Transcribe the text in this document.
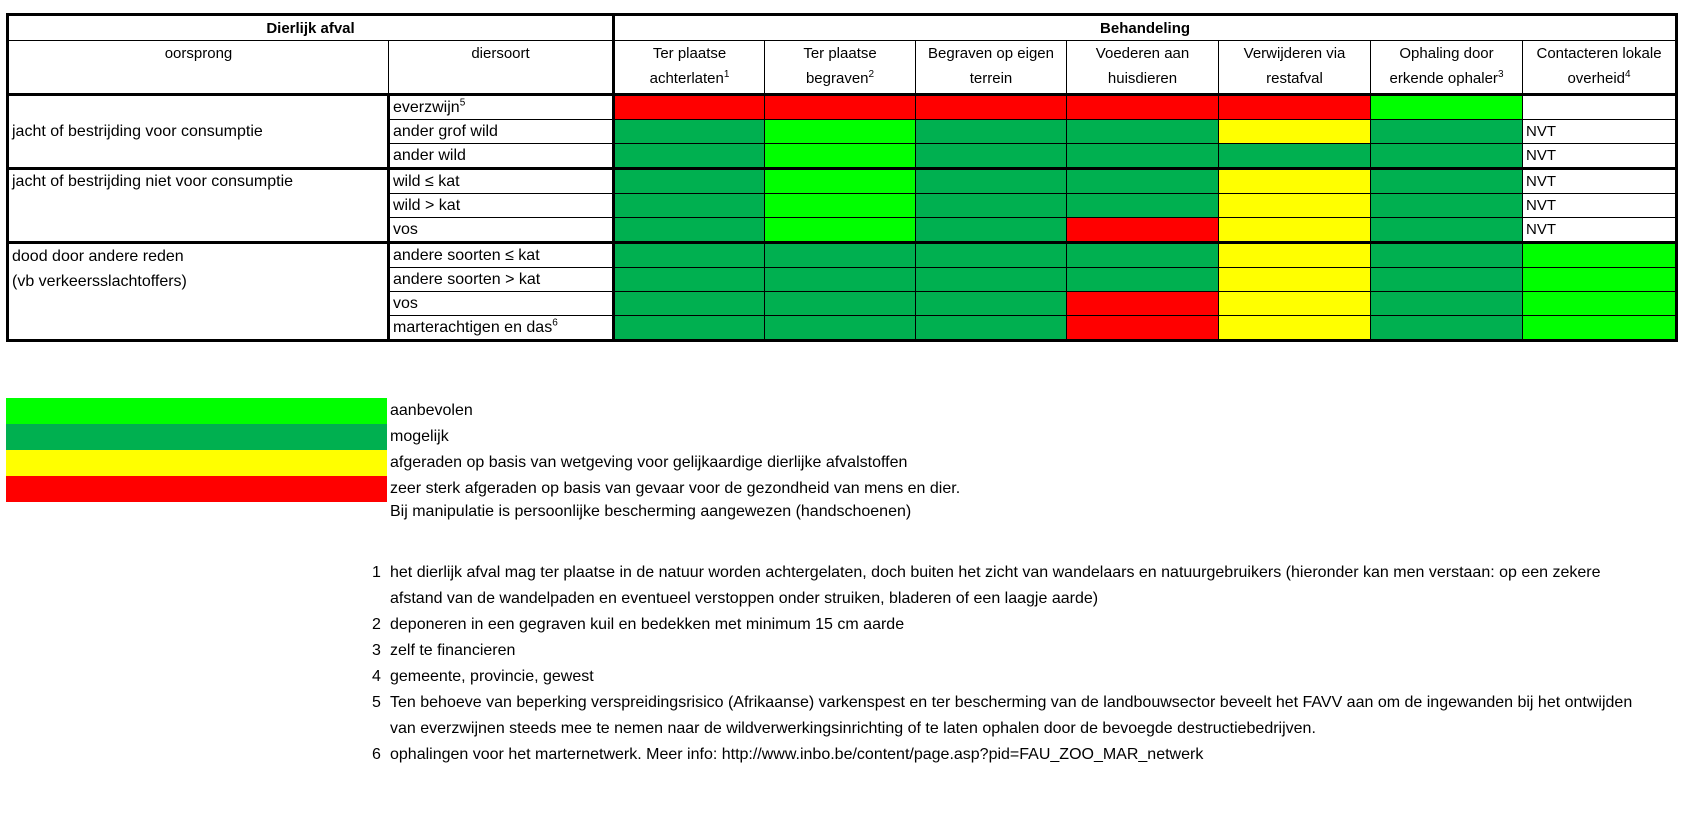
Dierlijk afval		Behandeling						
oorsprong	diersoort	Ter plaatse achterlaten$^1$	Ter plaatse begraven$^2$	Begraven op eigen terrein	Voederen aan huisdieren	Verwijderen via restafval	Ophaling door erkende ophaler$^3$	Contacteren lokale overheid$^4$

jacht of bestrijding voor consumptie	everzwijn$^5$							
	ander grof wild							NVT
	ander wild							NVT

jacht of bestrijding niet voor consumptie	wild ≤ kat							NVT
	wild > kat							NVT
	vos							NVT

dood door andere reden
(vb verkeersslachtoffers)	andere soorten ≤ kat							
	andere soorten > kat							
	vos							
	marterachtigen en das$^6$							
aanbevolen
mogelijk
afgeraden op basis van wetgeving voor gelijkaardige dierlijke afvalstoffen
zeer sterk afgeraden op basis van gevaar voor de gezondheid van mens en dier.
Bij manipulatie is persoonlijke bescherming aangewezen (handschoenen)
1 het dierlijk afval mag ter plaatse in de natuur worden achtergelaten, doch buiten het zicht van wandelaars en natuurgebruikers (hieronder kan men verstaan: op een zekere afstand van de wandelpaden en eventueel verstoppen onder struiken, bladeren of een laagje aarde)
2 deponeren in een gegraven kuil en bedekken met minimum 15 cm aarde
3 zelf te financieren
4 gemeente, provincie, gewest
5 Ten behoeve van beperking verspreidingsrisico (Afrikaanse) varkenspest en ter bescherming van de landbouwsector beveelt het FAVV aan om de ingewanden bij het ontwijden van everzwijnen steeds mee te nemen naar de wildverwerkingsinrichting of te laten ophalen door de bevoegde destructiebedrijven.
6 ophalingen voor het marternetwerk. Meer info: http://www.inbo.be/content/page.asp?pid=FAU_ZOO_MAR_netwerk
